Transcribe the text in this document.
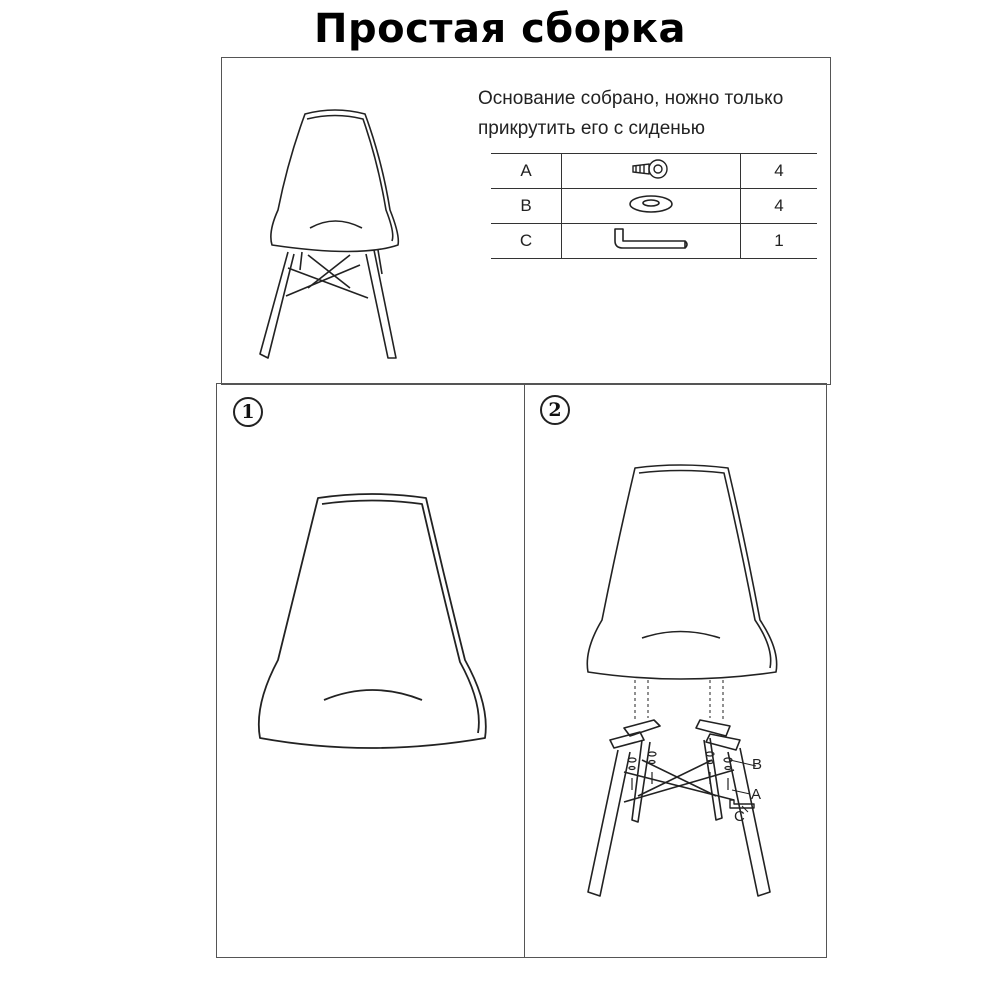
Простая сборка
Основание собрано, ножно только
прикрутить его с сиденью
A		4
B		4
C		1
1	2
B
A
C
